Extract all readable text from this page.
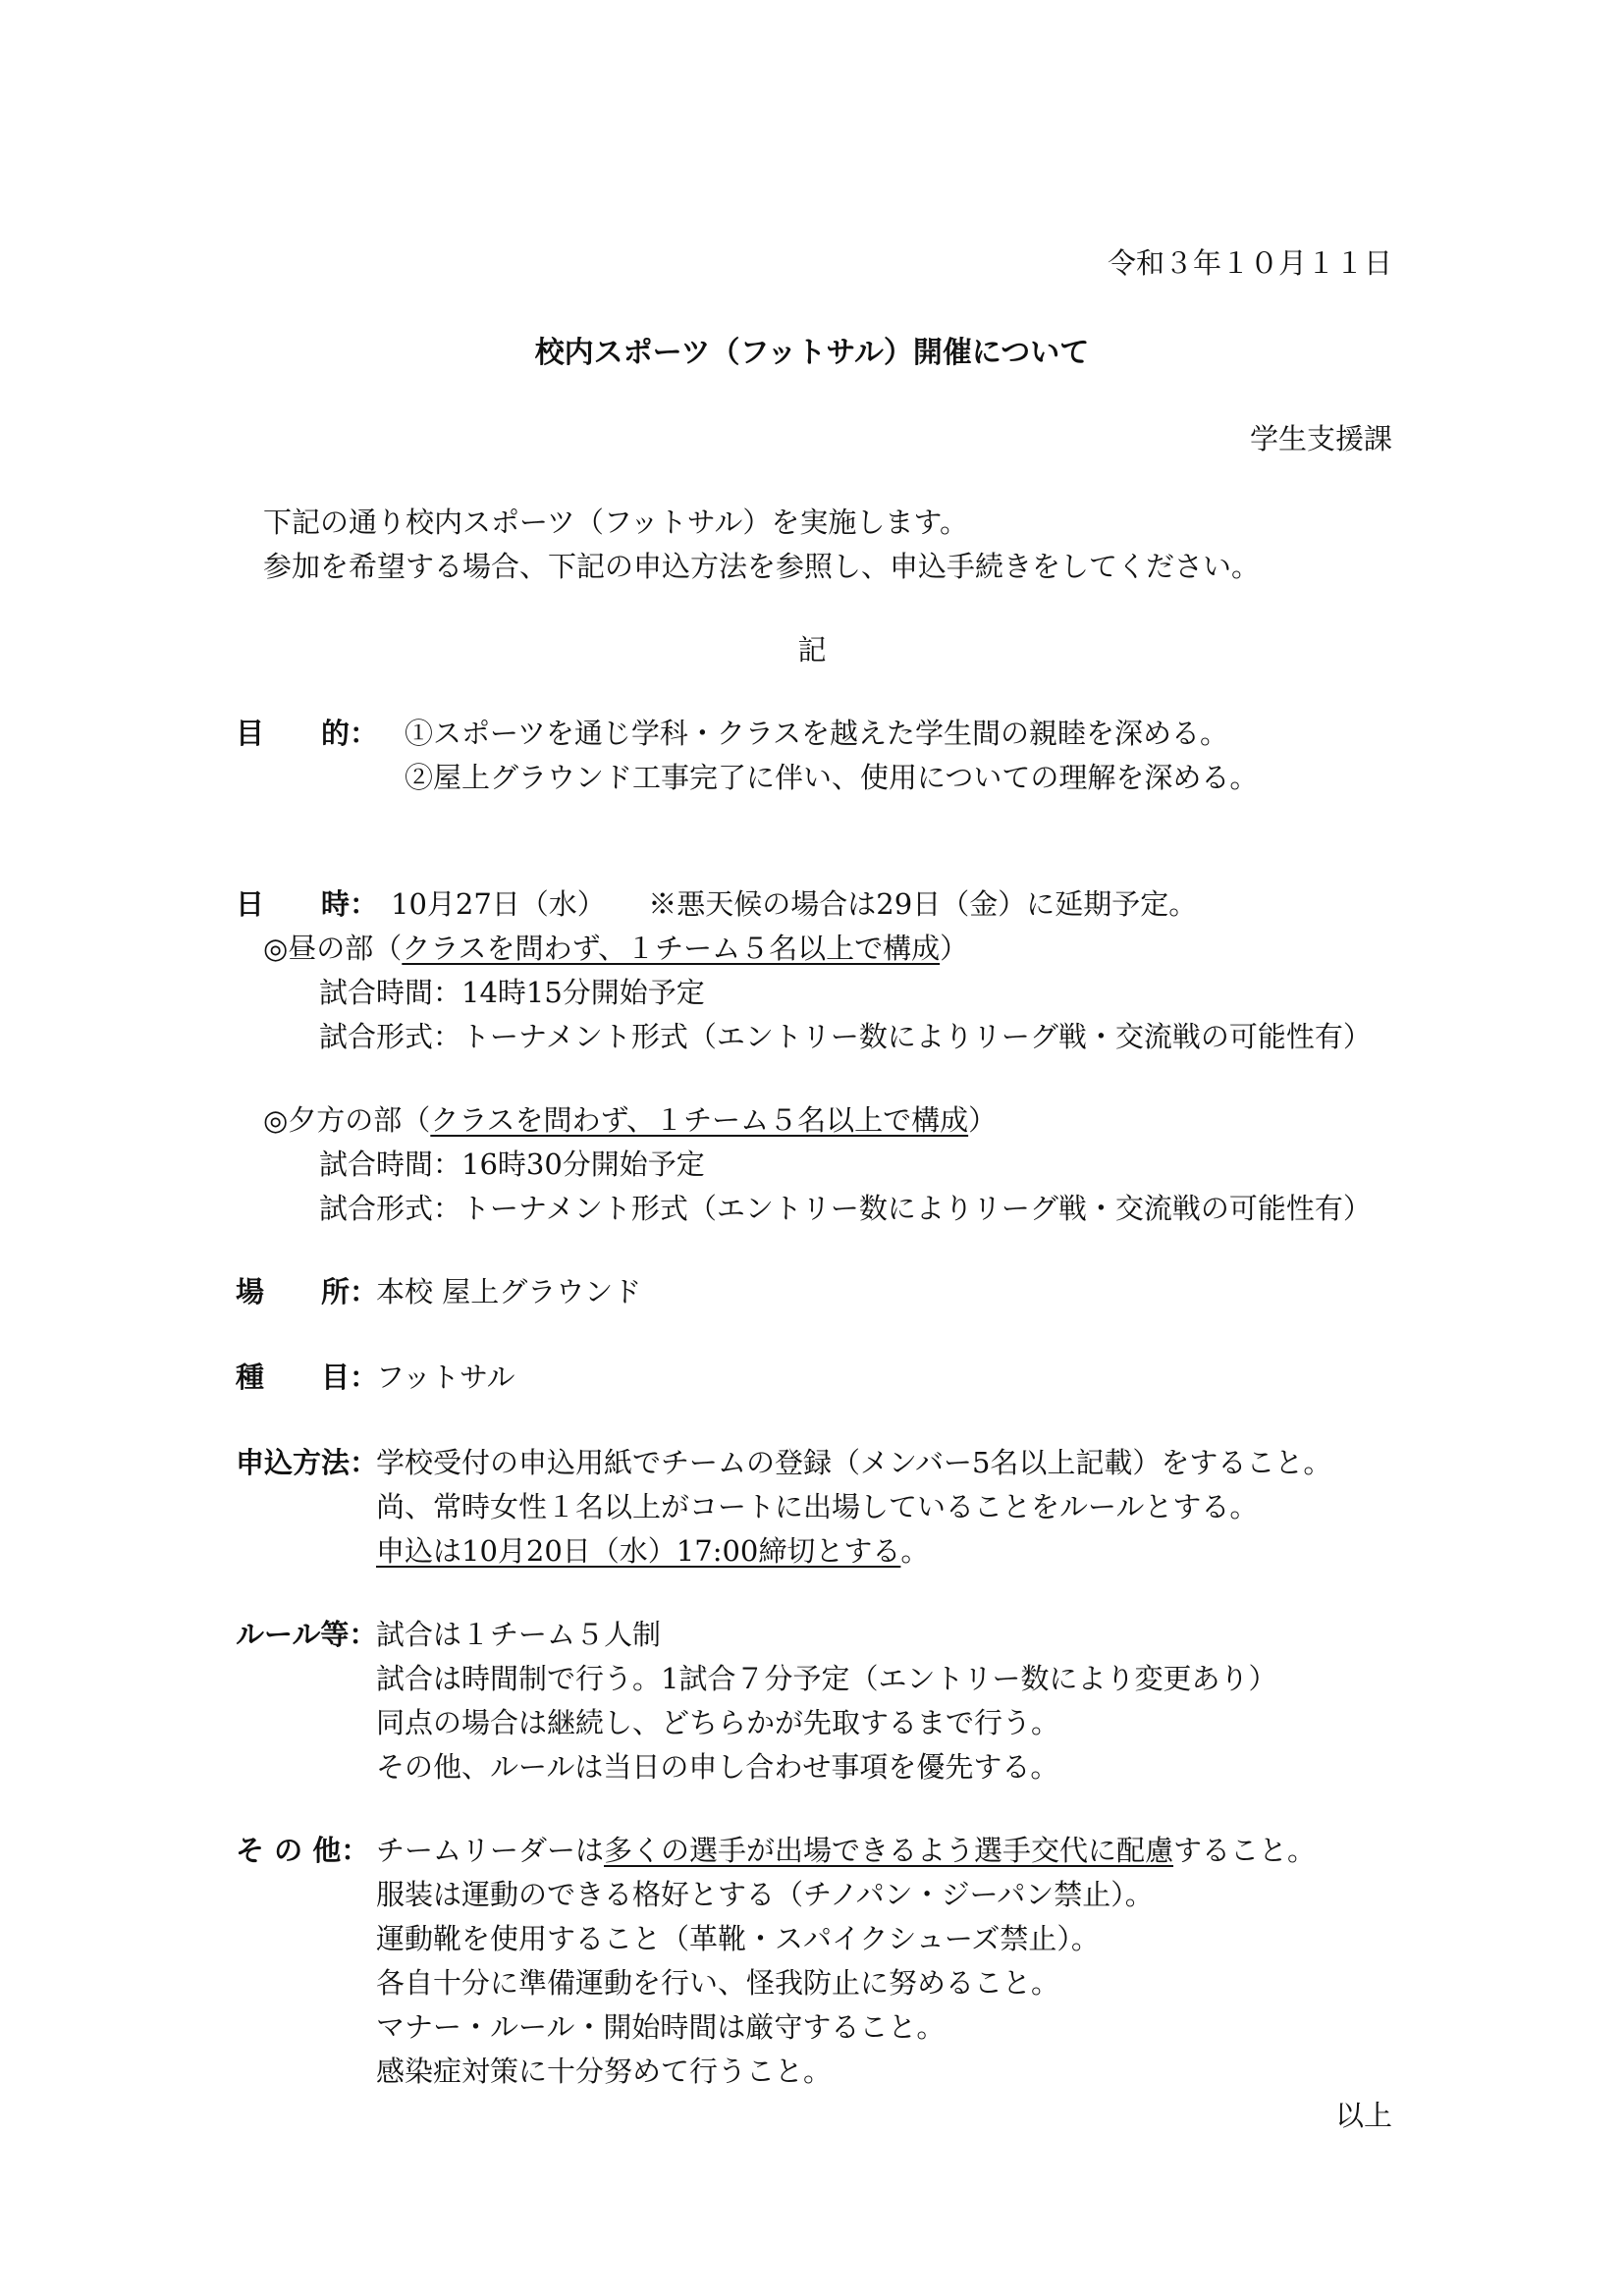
令和３年１０月１１日
校内スポーツ（フットサル）開催について
学生支援課
下記の通り校内スポーツ（フットサル）を実施します。
参加を希望する場合、下記の申込方法を参照し、申込手続きをしてください。
記
目　　的： ①スポーツを通じ学科・クラスを越えた学生間の親睦を深める。
②屋上グラウンド工事完了に伴い、使用についての理解を深める。
日　　時： 10月27日（水）　　※悪天候の場合は29日（金）に延期予定。
◎昼の部（クラスを問わず、１チーム５名以上で構成）
試合時間：14時15分開始予定
試合形式：トーナメント形式（エントリー数によりリーグ戦・交流戦の可能性有）
◎夕方の部（クラスを問わず、１チーム５名以上で構成）
試合時間：16時30分開始予定
試合形式：トーナメント形式（エントリー数によりリーグ戦・交流戦の可能性有）
場　　所：
本校 屋上グラウンド
種　　目：
フットサル
申込方法：
学校受付の申込用紙でチームの登録（メンバー5名以上記載）をすること。
尚、常時女性１名以上がコートに出場していることをルールとする。
申込は10月20日（水）17:00締切とする。
ルール等：
試合は１チーム５人制
試合は時間制で行う。1試合７分予定（エントリー数により変更あり）
同点の場合は継続し、どちらかが先取するまで行う。
その他、ルールは当日の申し合わせ事項を優先する。
そ の 他： チームリーダーは多くの選手が出場できるよう選手交代に配慮すること。
服装は運動のできる格好とする（チノパン・ジーパン禁止）。
運動靴を使用すること（革靴・スパイクシューズ禁止）。
各自十分に準備運動を行い、怪我防止に努めること。
マナー・ルール・開始時間は厳守すること。
感染症対策に十分努めて行うこと。
以上
